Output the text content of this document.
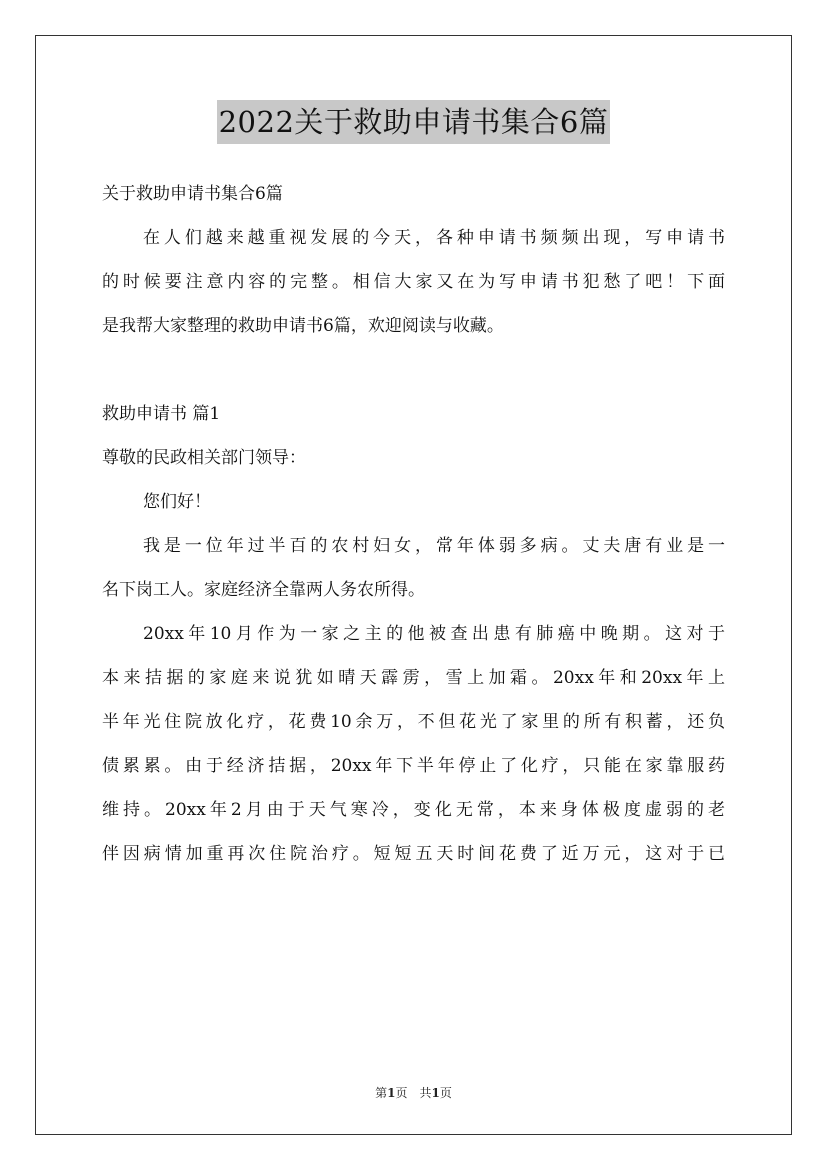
2022关于救助申请书集合6篇
关于救助申请书集合6篇
在人们越来越重视发展的今天，各种申请书频频出现，写申请书
的时候要注意内容的完整。相信大家又在为写申请书犯愁了吧！下面
是我帮大家整理的救助申请书6篇，欢迎阅读与收藏。
救助申请书 篇1
尊敬的民政相关部门领导：
您们好！
我是一位年过半百的农村妇女，常年体弱多病。丈夫唐有业是一
名下岗工人。家庭经济全靠两人务农所得。
20xx年10月作为一家之主的他被查出患有肺癌中晚期。这对于
本来拮据的家庭来说犹如晴天霹雳，雪上加霜。20xx年和20xx年上
半年光住院放化疗，花费10余万，不但花光了家里的所有积蓄，还负
债累累。由于经济拮据，20xx年下半年停止了化疗，只能在家靠服药
维持。20xx年2月由于天气寒冷，变化无常，本来身体极度虚弱的老
伴因病情加重再次住院治疗。短短五天时间花费了近万元，这对于已
第1页　共1页
